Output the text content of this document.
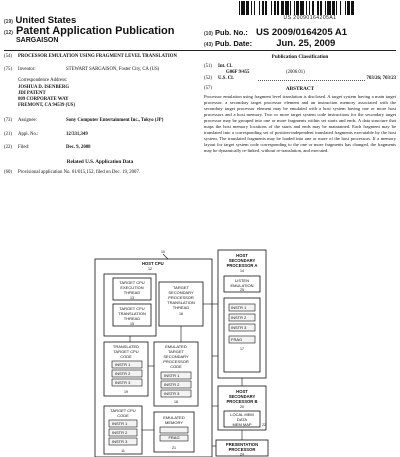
US 20090164205A1
(19) United States
(12) Patent Application Publication
SARGAISON
(10) Pub. No.: US 2009/0164205 A1
(43) Pub. Date:	Jun. 25, 2009
(54)	PROCESSOR EMULATION USING FRAGMENT LEVEL TRANSLATION
(75)	Inventor:	STEWART SARGAISON, Foster City, CA (US)
Correspondence Address:
JOSHUA D. ISENBERG
JDI PATENT
809 CORPORATE WAY
FREMONT, CA 94539 (US)
(73)	Assignee:	Sony Computer Entertainment Inc., Tokyo (JP)
(21)	Appl. No.:	12/331,349
(22)	Filed:	Dec. 9, 2008
Related U.S. Application Data
(60)	Provisional application No. 61/015,152, filed on Dec. 19, 2007.
Publication Classification
(51)	Int. Cl.
G06F 9/455	(2006.01)
(52)	U.S. Cl.	703/26; 703/23
(57)	ABSTRACT
Processor emulation using fragment level translation is disclosed. A target system having a main target processor, a secondary target processor element and an instruction memory associated with the secondary target processor element may be emulated with a host system having one or more host processors and a host memory. Two or more target system code instructions for the secondary target processor may be grouped into one or more fragments within set starts and ends. A data structure that maps the host memory locations of the starts and ends may be maintained. Each fragment may be translated into a corresponding set of position-independent translated fragments executable by the host system. The translated fragments may be loaded into one or more of the host processors. If a memory layout for target system code corresponding to the one or more fragments has changed, the fragments may be dynamically re-linked, without re-translation, and executed.
10
HOST CPU
12
TARGET CPU
EXECUTION
THREAD
13
TARGET CPU
TRANSLATION
THREAD
15
TARGET
SECONDARY
PROCESSOR
TRANSLATION
THREAD
16
TRANSLATED
TARGET CPU
CODE
INSTR 1
INSTR 2
INSTR 3
19
EMULATED
TARGET
SECONDARY
PROCESSOR
CODE
INSTR 1
INSTR 2
INSTR 3
18
TARGET CPU
CODE
INSTR 1
INSTR 2
INSTR 3
11
EMULATED
MEMORY
FRAG
21
HOST
SECONDARY
PROCESSOR A
14
LISTEN
EMULATION
25
INSTR 1
INSTR 2
INSTR 3
FRAG
17
HOST
SECONDARY
PROCESSOR B
20
LOCAL MEM
DATA
MEM MAP	22
PRESENTATION
PROCESSOR
24
